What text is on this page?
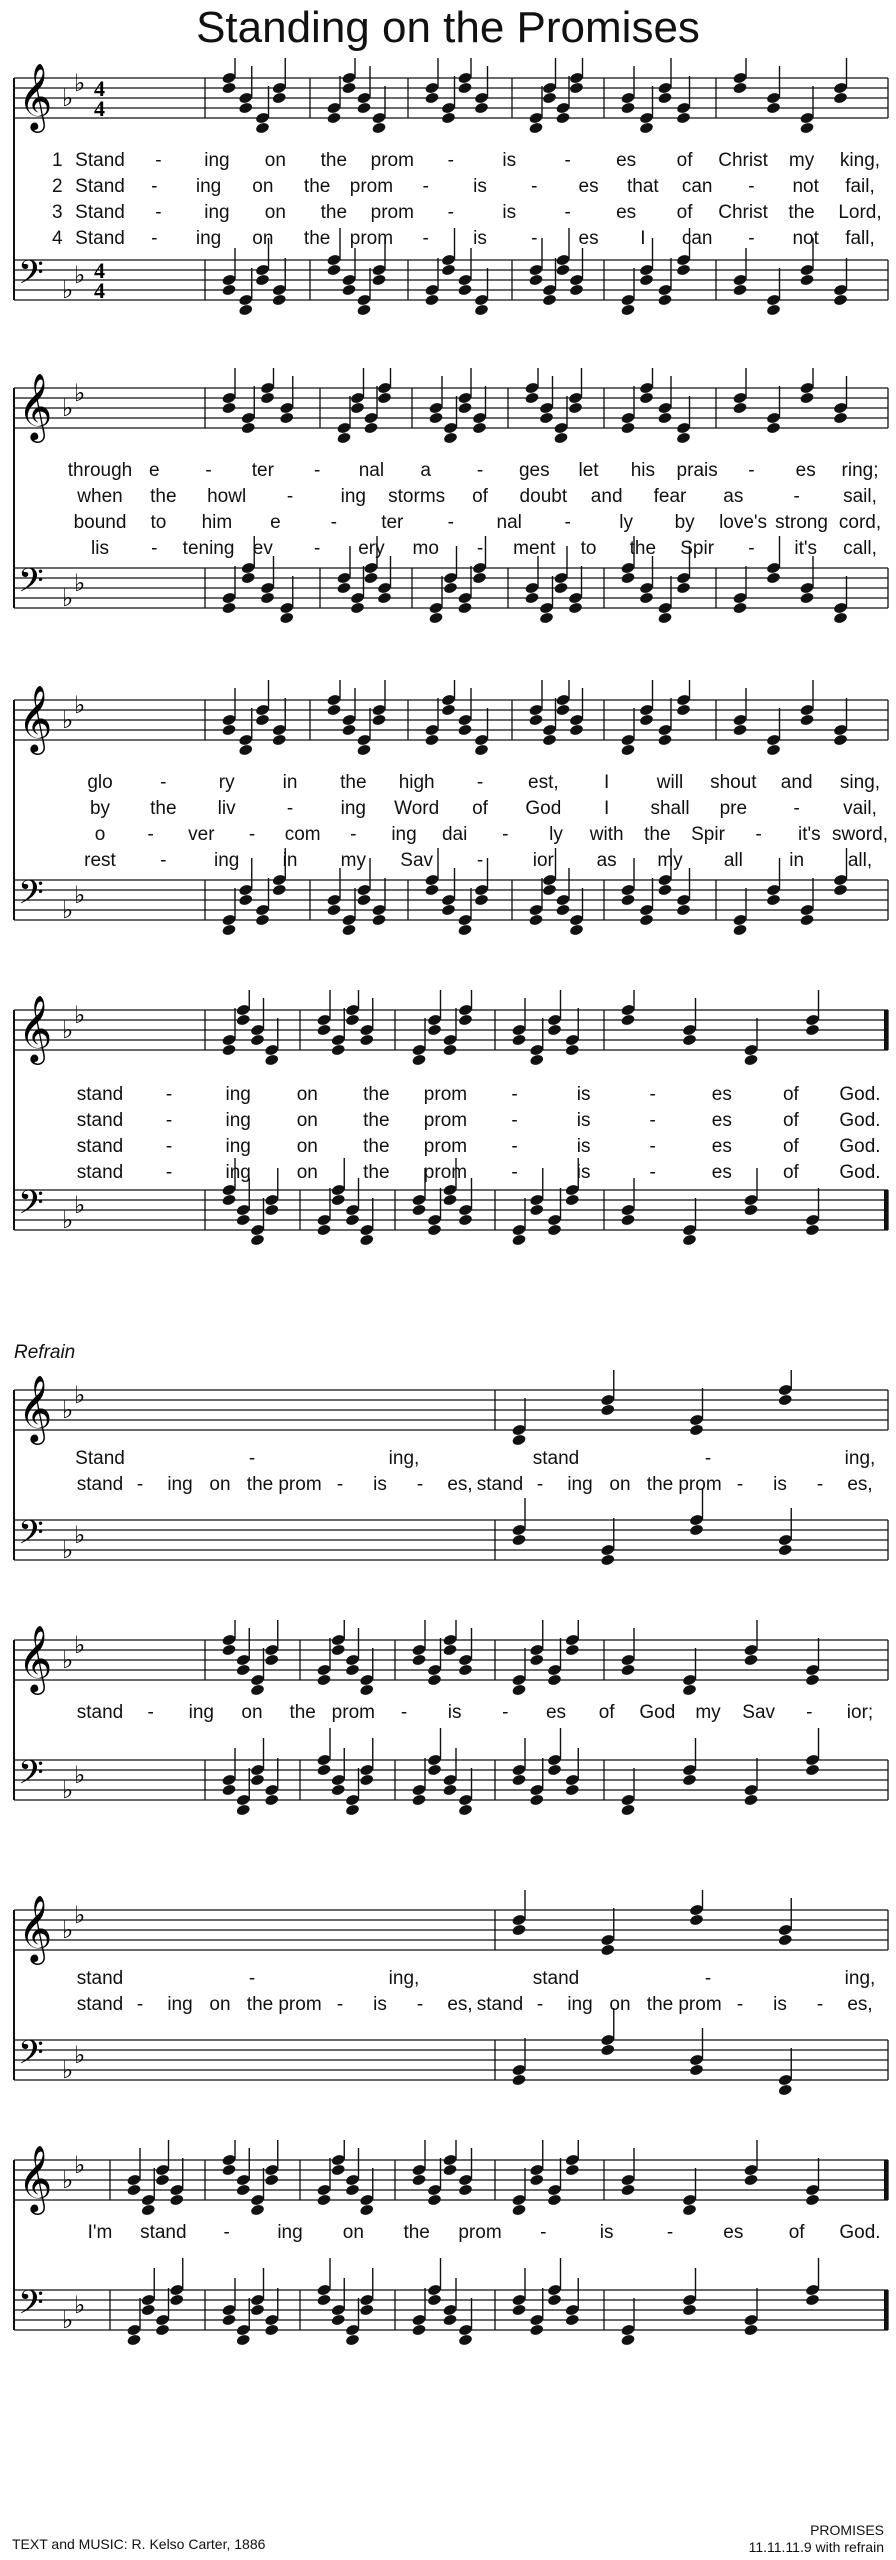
Standing on the Promises
𝄞 ♭
♭ 4
4
𝄢 ♭
♭ 4
4
1 Stand - ing on the prom -	is	- es of Christ my king,
2 Stand - ing on the prom - is - es that can - not fail,
3 Stand - ing on the prom -	is	- es of Christ the Lord,
4 Stand - ing on the prom - is - es I can - not fall,
𝄞 ♭
♭
𝄢 ♭
♭
through e - ter - nal a - ges let his prais - es ring;
when the howl - ing storms of doubt and fear as	- sail,
bound to him e	- ter - nal -	ly by love's strong cord,
lis - tening ev - ery mo - ment to the Spir - it's call,
𝄞 ♭
♭
𝄢 ♭
♭
glo -	ry	in the high - est, I	will shout and sing,
by the liv	- ing Word of God I shall pre - vail,
o - ver - com - ing dai - ly with the Spir - it's sword,
rest - ing in my Sav -	ior as my all in all,
𝄞 ♭
♭
𝄢 ♭
♭
stand -	ing on the prom -	is	-	es	of God.
stand -	ing on the prom -	is	-	es	of God.
stand -	ing on the prom -	is	-	es	of God.
stand -	ing on the prom -	is	-	es	of God.
𝄞 ♭
♭
𝄢 ♭
♭
Stand	-	ing,	stand	-	ing,
stand - ing on the prom - is - es, stand - ing on the prom - is - es,
𝄞 ♭
♭
𝄢 ♭
♭
stand - ing on the prom - is - es of God my Sav - ior;
𝄞 ♭
♭
𝄢 ♭
♭
stand	-	ing,	stand	-	ing,
stand - ing on the prom - is - es, stand - ing on the prom - is - es,
𝄞 ♭
♭
𝄢 ♭
♭
I'm stand -	ing on the prom -	is	-	es of God.
Refrain
TEXT and MUSIC: R. Kelso Carter, 1886
PROMISES
11.11.11.9 with refrain
